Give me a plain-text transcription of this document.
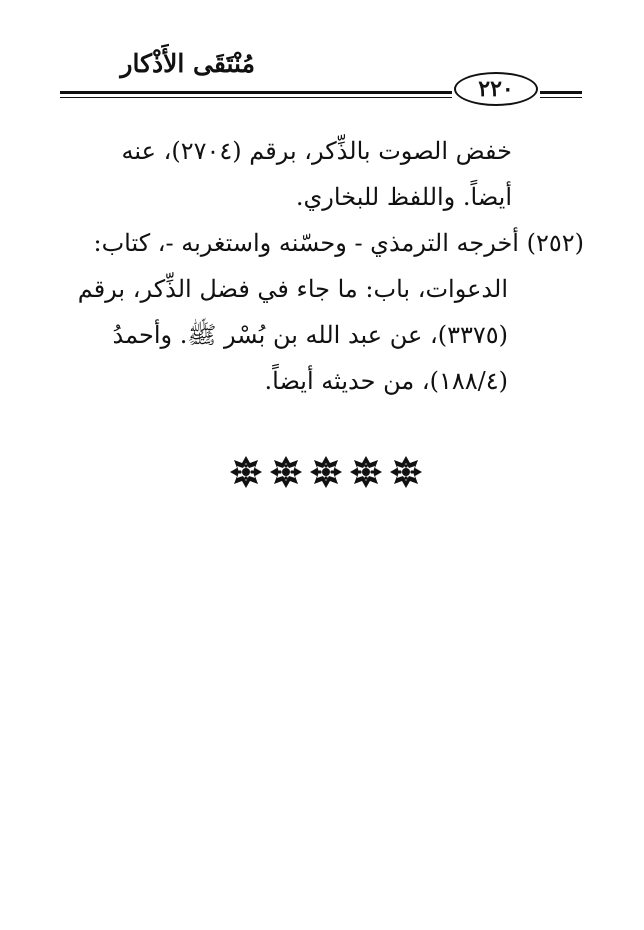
مُنْتَقَى الأَذْكار
٢٢٠
خفض الصوت بالذِّكر، برقم (٢٧٠٤)، عنه
أيضاً. واللفظ للبخاري.
(٢٥٢) أخرجه الترمذي - وحسّنه واستغربه -، كتاب:
الدعوات، باب: ما جاء في فضل الذِّكر، برقم
(٣٣٧٥)، عن عبد الله بن بُسْر ﷺ. وأحمدُ
(١٨٨/٤)، من حديثه أيضاً.
